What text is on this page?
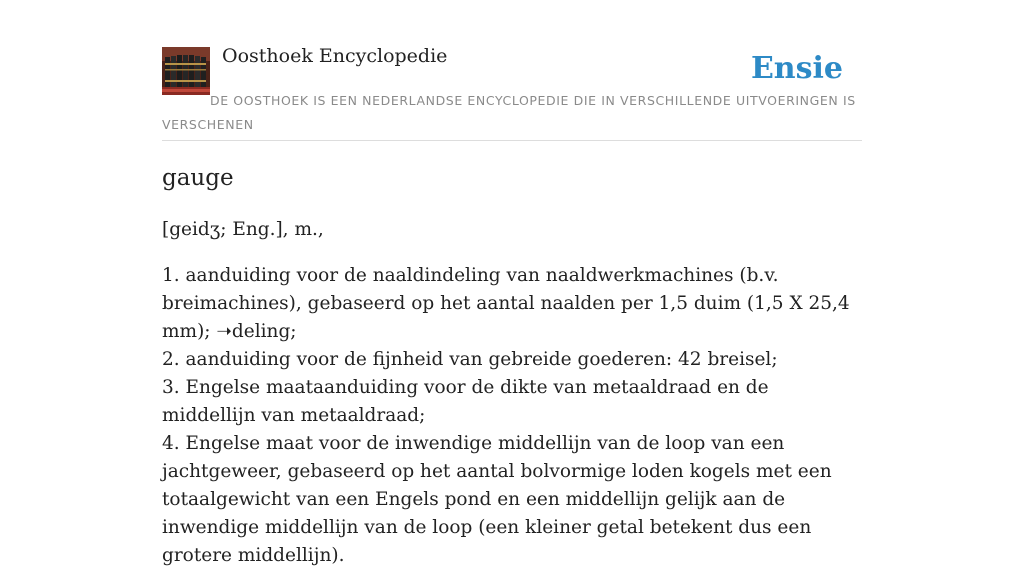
Oosthoek Encyclopedie	Ensie
DE OOSTHOEK IS EEN NEDERLANDSE ENCYCLOPEDIE DIE IN VERSCHILLENDE UITVOERINGEN IS VERSCHENEN
gauge

[geidʒ; Eng.], m.,

1. aanduiding voor de naaldindeling van naaldwerkmachines (b.v. breimachines), gebaseerd op het aantal naalden per 1,5 duim (1,5 X 25,4 mm); ➝deling;
2. aanduiding voor de fijnheid van gebreide goederen: 42 breisel;
3. Engelse maataanduiding voor de dikte van metaaldraad en de middellijn van metaaldraad;
4. Engelse maat voor de inwendige middellijn van de loop van een jachtgeweer, gebaseerd op het aantal bolvormige loden kogels met een totaalgewicht van een Engels pond en een middellijn gelijk aan de inwendige middellijn van de loop (een kleiner getal betekent dus een grotere middellijn).
